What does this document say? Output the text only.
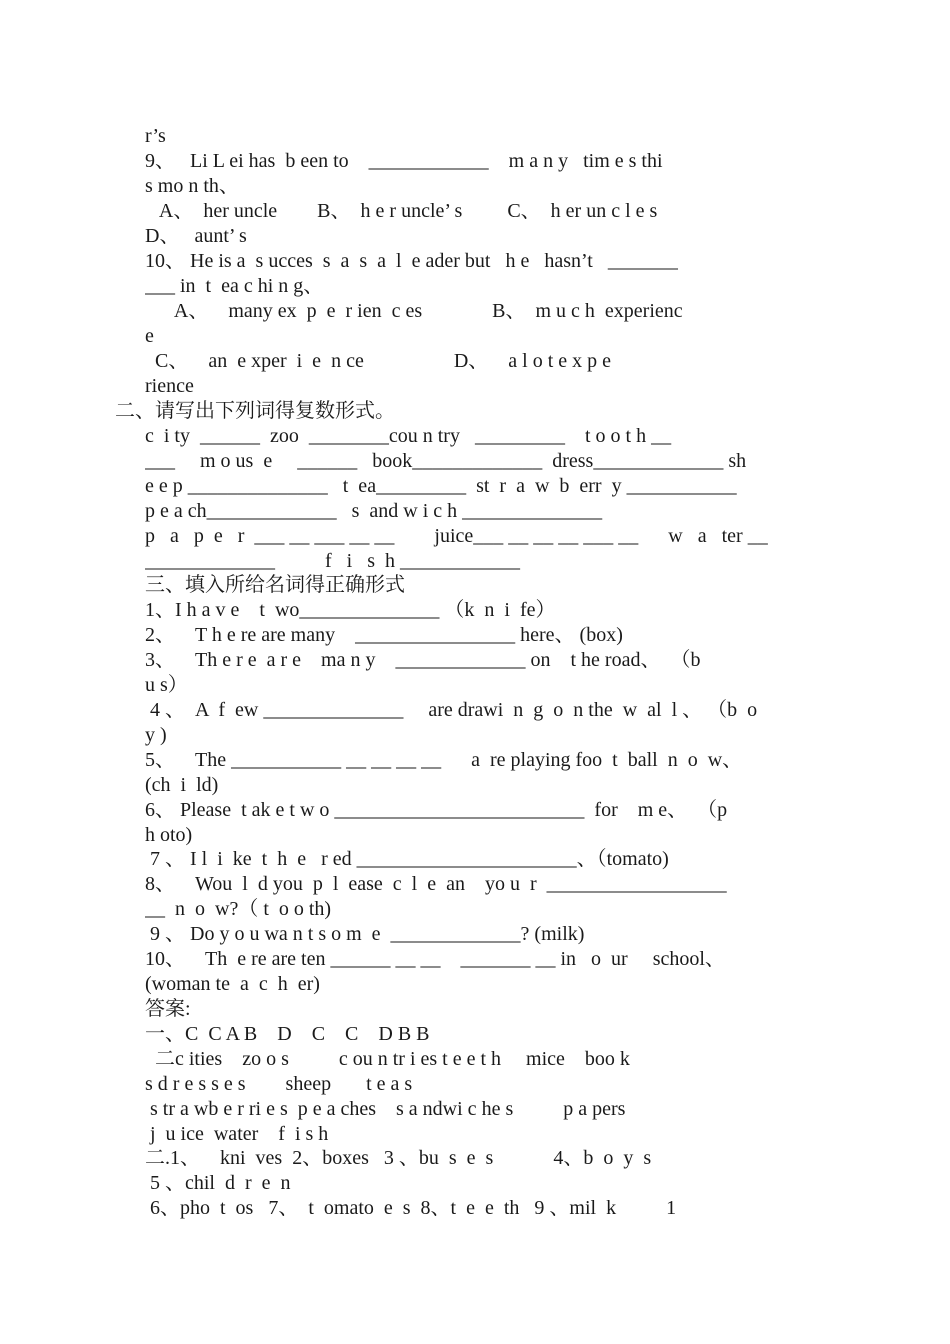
r’s
9、   Li L ei has  b een to    ____________    m a n y   tim e s thi
s mo n th、
A、  her uncle        B、  h e r uncle’ s         C、  h er un c l e s
D、   aunt’ s
10、 He is a  s ucces  s  a  s  a  l  e ader but   h e   hasn’t   _______
___ in  t  ea c hi n g、
A、    many ex  p  e  r ien  c es              B、  m u c h  experienc
e
C、    an  e xper  i  e  n ce                  D、    a l o t e x p e
rience
二、请写出下列词得复数形式。
c  i ty  ______  zoo  ________cou n try   _________    t o o t h __
___     m o us  e     ______   book_____________  dress_____________ sh
e e p ______________   t  ea_________  st  r  a  w  b  err  y ___________
p e a ch_____________   s  and w i c h ______________
p   a   p  e   r  ___ __ ___ __ __        juice___ __ __ __ ___ __      w   a   ter __
_____________          f   i   s  h ____________
三、填入所给名词得正确形式
1、I h a v e    t  wo______________ （k  n  i  fe）
2、    T h e re are many    ________________ here、 (box)
3、    Th e r e  a r e    ma n y    _____________ on    t he road、  （b
u s）
4 、  A  f  ew ______________     are drawi  n  g  o  n the  w  al  l 、 （b  o
y )
5、    The ___________ __ __ __ __      a  re playing foo  t  ball  n  o  w、
(ch  i  ld)
6、 Please  t ak e t w o _________________________  for    m e、  （p
h oto)
7 、 I l  i  ke  t  h  e   r ed ______________________、（tomato)
8、    Wou  l  d you  p  l  ease  c  l  e  an    yo u  r  __________________
__  n  o  w?（ t  o o th)
9 、 Do y o u wa n t s o m  e  _____________? (milk)
10、    Th  e re are ten ______ __ __    _______ __ in   o  ur     school、
(woman te  a  c  h  er)
答案:
一、C  C A B    D    C    C    D B B
二c ities    zo o s          c ou n tr i es t e e t h     mice    boo k
s d r e s s e s        sheep       t e a s
s tr a wb e r ri e s  p e a ches    s a ndwi c he s          p a pers
j  u ice  water    f  i s h
二.1、    kni  ves  2、boxes   3 、bu  s  e  s            4、b  o  y  s
5 、chil  d  r  e  n
6、pho  t  os   7、  t  omato  e  s  8、t  e  e  th   9 、mil  k          1
